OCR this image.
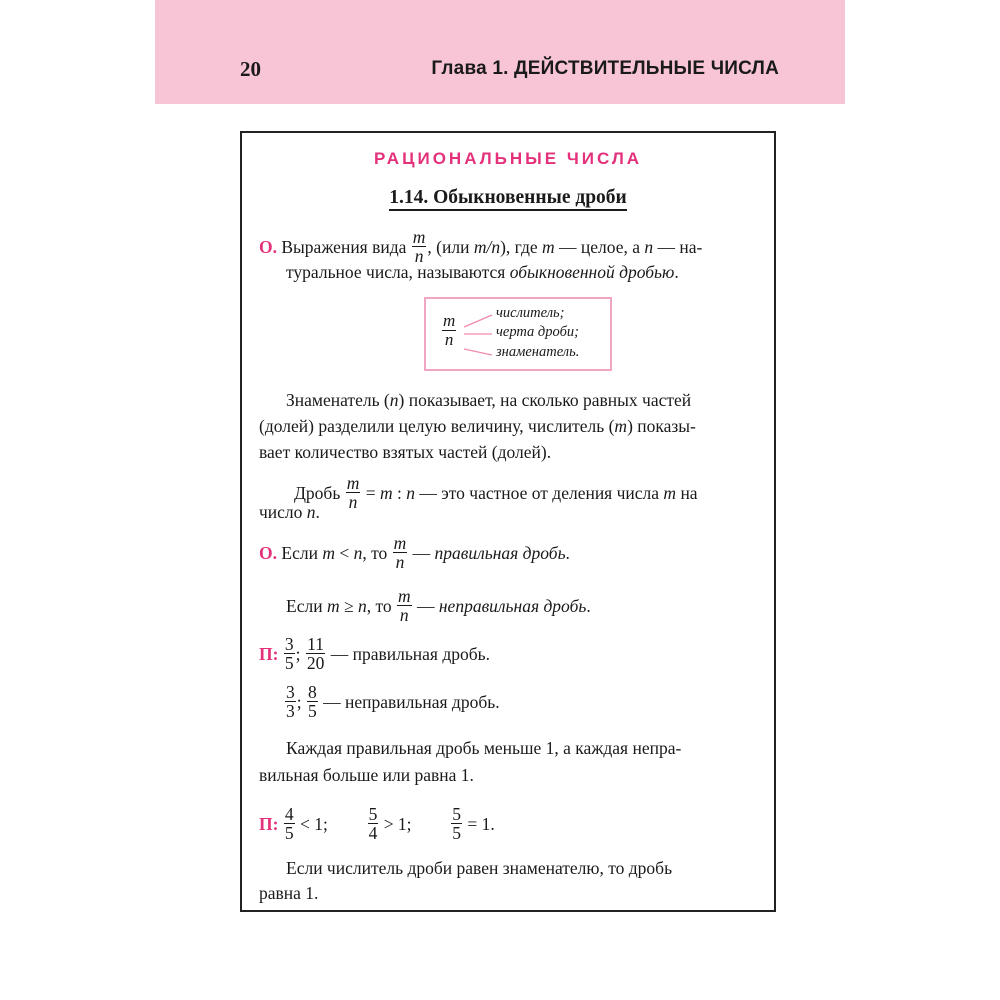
20	Глава 1. ДЕЙСТВИТЕЛЬНЫЕ ЧИСЛА
РАЦИОНАЛЬНЫЕ ЧИСЛА
1.14. Обыкновенные дроби
О. Выражения вида $\frac{m}{n}$ , (или m/n), где m — целое, а n — на-
туральное числа, называются обыкновенной дробью.
m
n
числитель;
черта дроби;
знаменатель.
Знаменатель (n) показывает, на сколько равных частей
(долей) разделили целую величину, числитель (m) показы-
вает количество взятых частей (долей).
Дробь $\frac{m}{n} = m$ : n — это частное от деления числа m на
число n.
О. Если m < n, то $\frac{m}{n}$ — правильная дробь.
Если m ≥ n, то $\frac{m}{n}$ — неправильная дробь.
П: $\frac{3}{5}$ ; $\frac{11}{20}$ — правильная дробь.
$\frac{3}{3}$ ; $\frac{8}{5}$ — неправильная дробь.
Каждая правильная дробь меньше 1, а каждая непра-
вильная больше или равна 1.
П: $\frac{4}{5} < 1$; $\frac{5}{4} > 1$; $\frac{5}{5} = 1$.
Если числитель дроби равен знаменателю, то дробь
равна 1.
